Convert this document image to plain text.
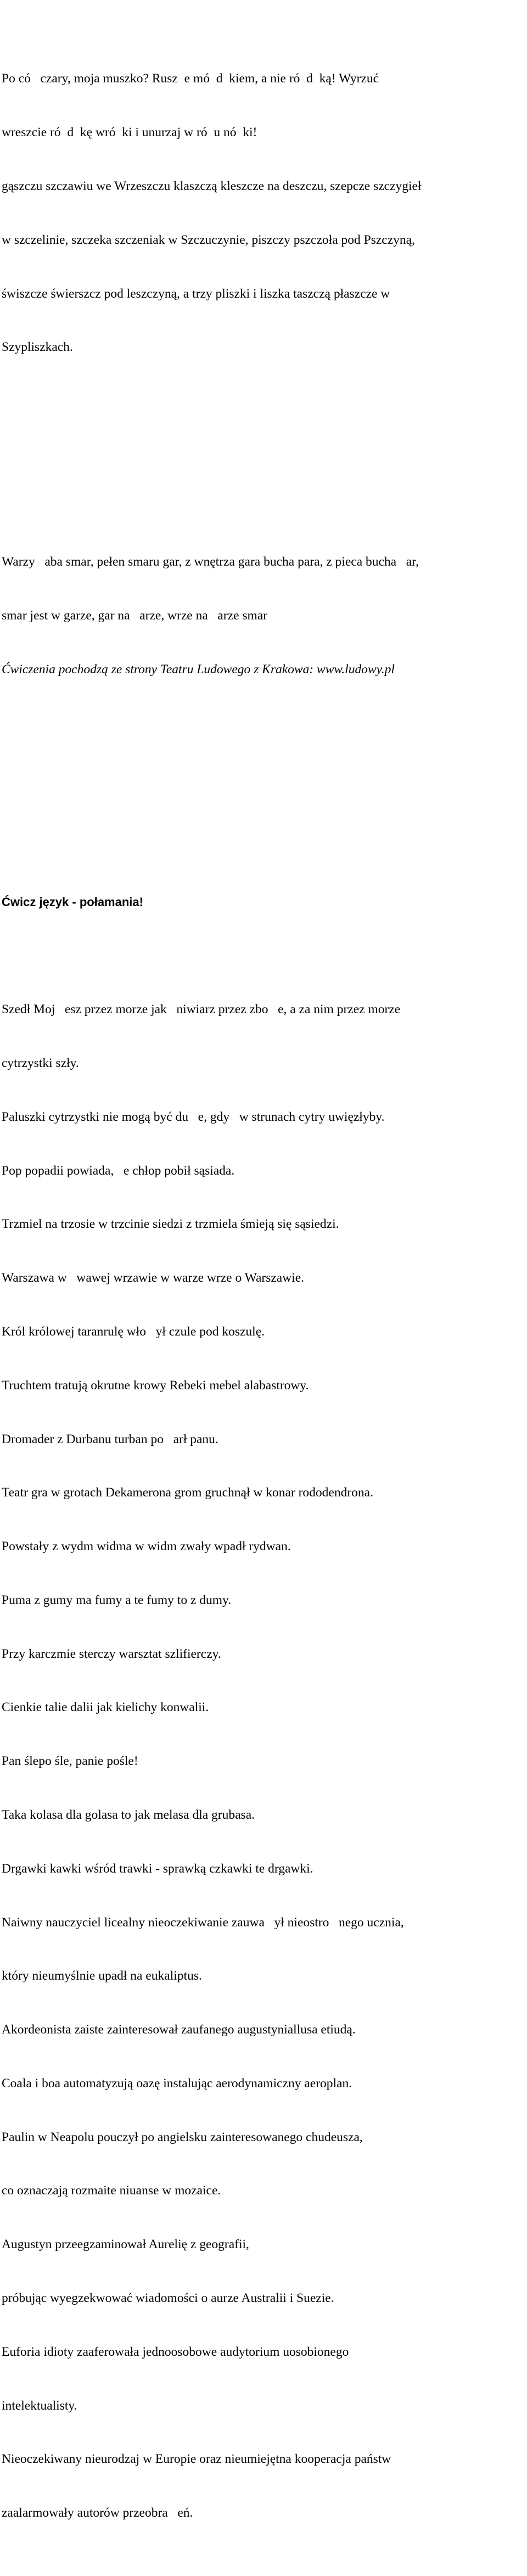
Po có   czary, moja muszko? Rusz  e mó  d  kiem, a nie ró  d  ką! Wyrzuć

wreszcie ró  d  kę wró  ki i unurzaj w ró  u nó  ki!

gąszczu szczawiu we Wrzeszczu klaszczą kleszcze na deszczu, szepcze szczygieł

w szczelinie, szczeka szczeniak w Szczuczynie, piszczy pszczoła pod Pszczyną,

świszcze świerszcz pod leszczyną, a trzy pliszki i liszka taszczą płaszcze w

Szypliszkach.

Warzy   aba smar, pełen smaru gar, z wnętrza gara bucha para, z pieca bucha   ar,

smar jest w garze, gar na   arze, wrze na   arze smar

Ćwiczenia pochodzą ze strony Teatru Ludowego z Krakowa: www.ludowy.pl

Ćwicz język - połamania!

Szedł Moj   esz przez morze jak   niwiarz przez zbo   e, a za nim przez morze

cytrzystki szły.

Paluszki cytrzystki nie mogą być du   e, gdy   w strunach cytry uwięzłyby.

Pop popadii powiada,   e chłop pobił sąsiada.

Trzmiel na trzosie w trzcinie siedzi z trzmiela śmieją się sąsiedzi.

Warszawa w   wawej wrzawie w warze wrze o Warszawie.

Król królowej taranrulę wło   ył czule pod koszulę.

Truchtem tratują okrutne krowy Rebeki mebel alabastrowy.

Dromader z Durbanu turban po   arł panu.

Teatr gra w grotach Dekamerona grom gruchnął w konar rododendrona.

Powstały z wydm widma w widm zwały wpadł rydwan.

Puma z gumy ma fumy a te fumy to z dumy.

Przy karczmie sterczy warsztat szlifierczy.

Cienkie talie dalii jak kielichy konwalii.

Pan ślepo śle, panie pośle!

Taka kolasa dla golasa to jak melasa dla grubasa.

Drgawki kawki wśród trawki - sprawką czkawki te drgawki.

Naiwny nauczyciel licealny nieoczekiwanie zauwa   ył nieostro   nego ucznia,

który nieumyślnie upadł na eukaliptus.

Akordeonista zaiste zainteresował zaufanego augustyniallusa etiudą.

Coala i boa automatyzują oazę instalując aerodynamiczny aeroplan.

Paulin w Neapolu pouczył po angielsku zainteresowanego chudeusza,

co oznaczają rozmaite niuanse w mozaice.

Augustyn przeegzaminował Aurelię z geografii,

próbując wyegzekwować wiadomości o aurze Australii i Suezie.

Euforia idioty zaaferowała jednoosobowe audytorium uosobionego

intelektualisty.

Nieoczekiwany nieurodzaj w Europie oraz nieumiejętna kooperacja państw

zaalarmowały autorów przeobra   eń.
